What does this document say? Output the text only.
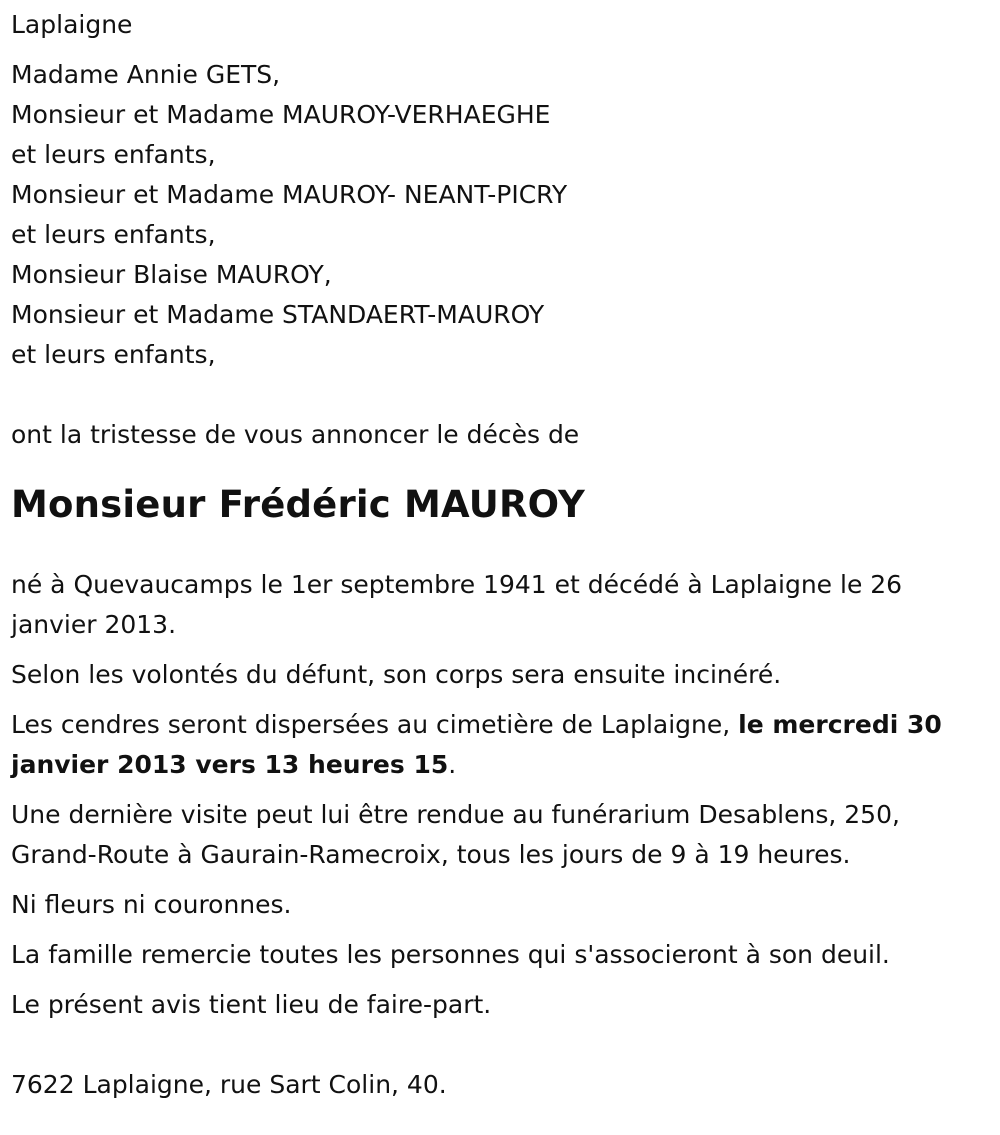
Laplaigne

Madame Annie GETS,

Monsieur et Madame MAUROY-VERHAEGHE

et leurs enfants,

Monsieur et Madame MAUROY- NEANT-PICRY

et leurs enfants,

Monsieur Blaise MAUROY,

Monsieur et Madame STANDAERT-MAUROY

et leurs enfants,

ont la tristesse de vous annoncer le décès de

Monsieur Frédéric MAUROY

né à Quevaucamps le 1er septembre 1941 et décédé à Laplaigne le 26 janvier 2013.

Selon les volontés du défunt, son corps sera ensuite incinéré.

Les cendres seront dispersées au cimetière de Laplaigne, le mercredi 30 janvier 2013 vers 13 heures 15.

Une dernière visite peut lui être rendue au funérarium Desablens, 250, Grand-Route à Gaurain-Ramecroix, tous les jours de 9 à 19 heures.

Ni fleurs ni couronnes.

La famille remercie toutes les personnes qui s'associeront à son deuil.

Le présent avis tient lieu de faire-part.

7622 Laplaigne, rue Sart Colin, 40.
